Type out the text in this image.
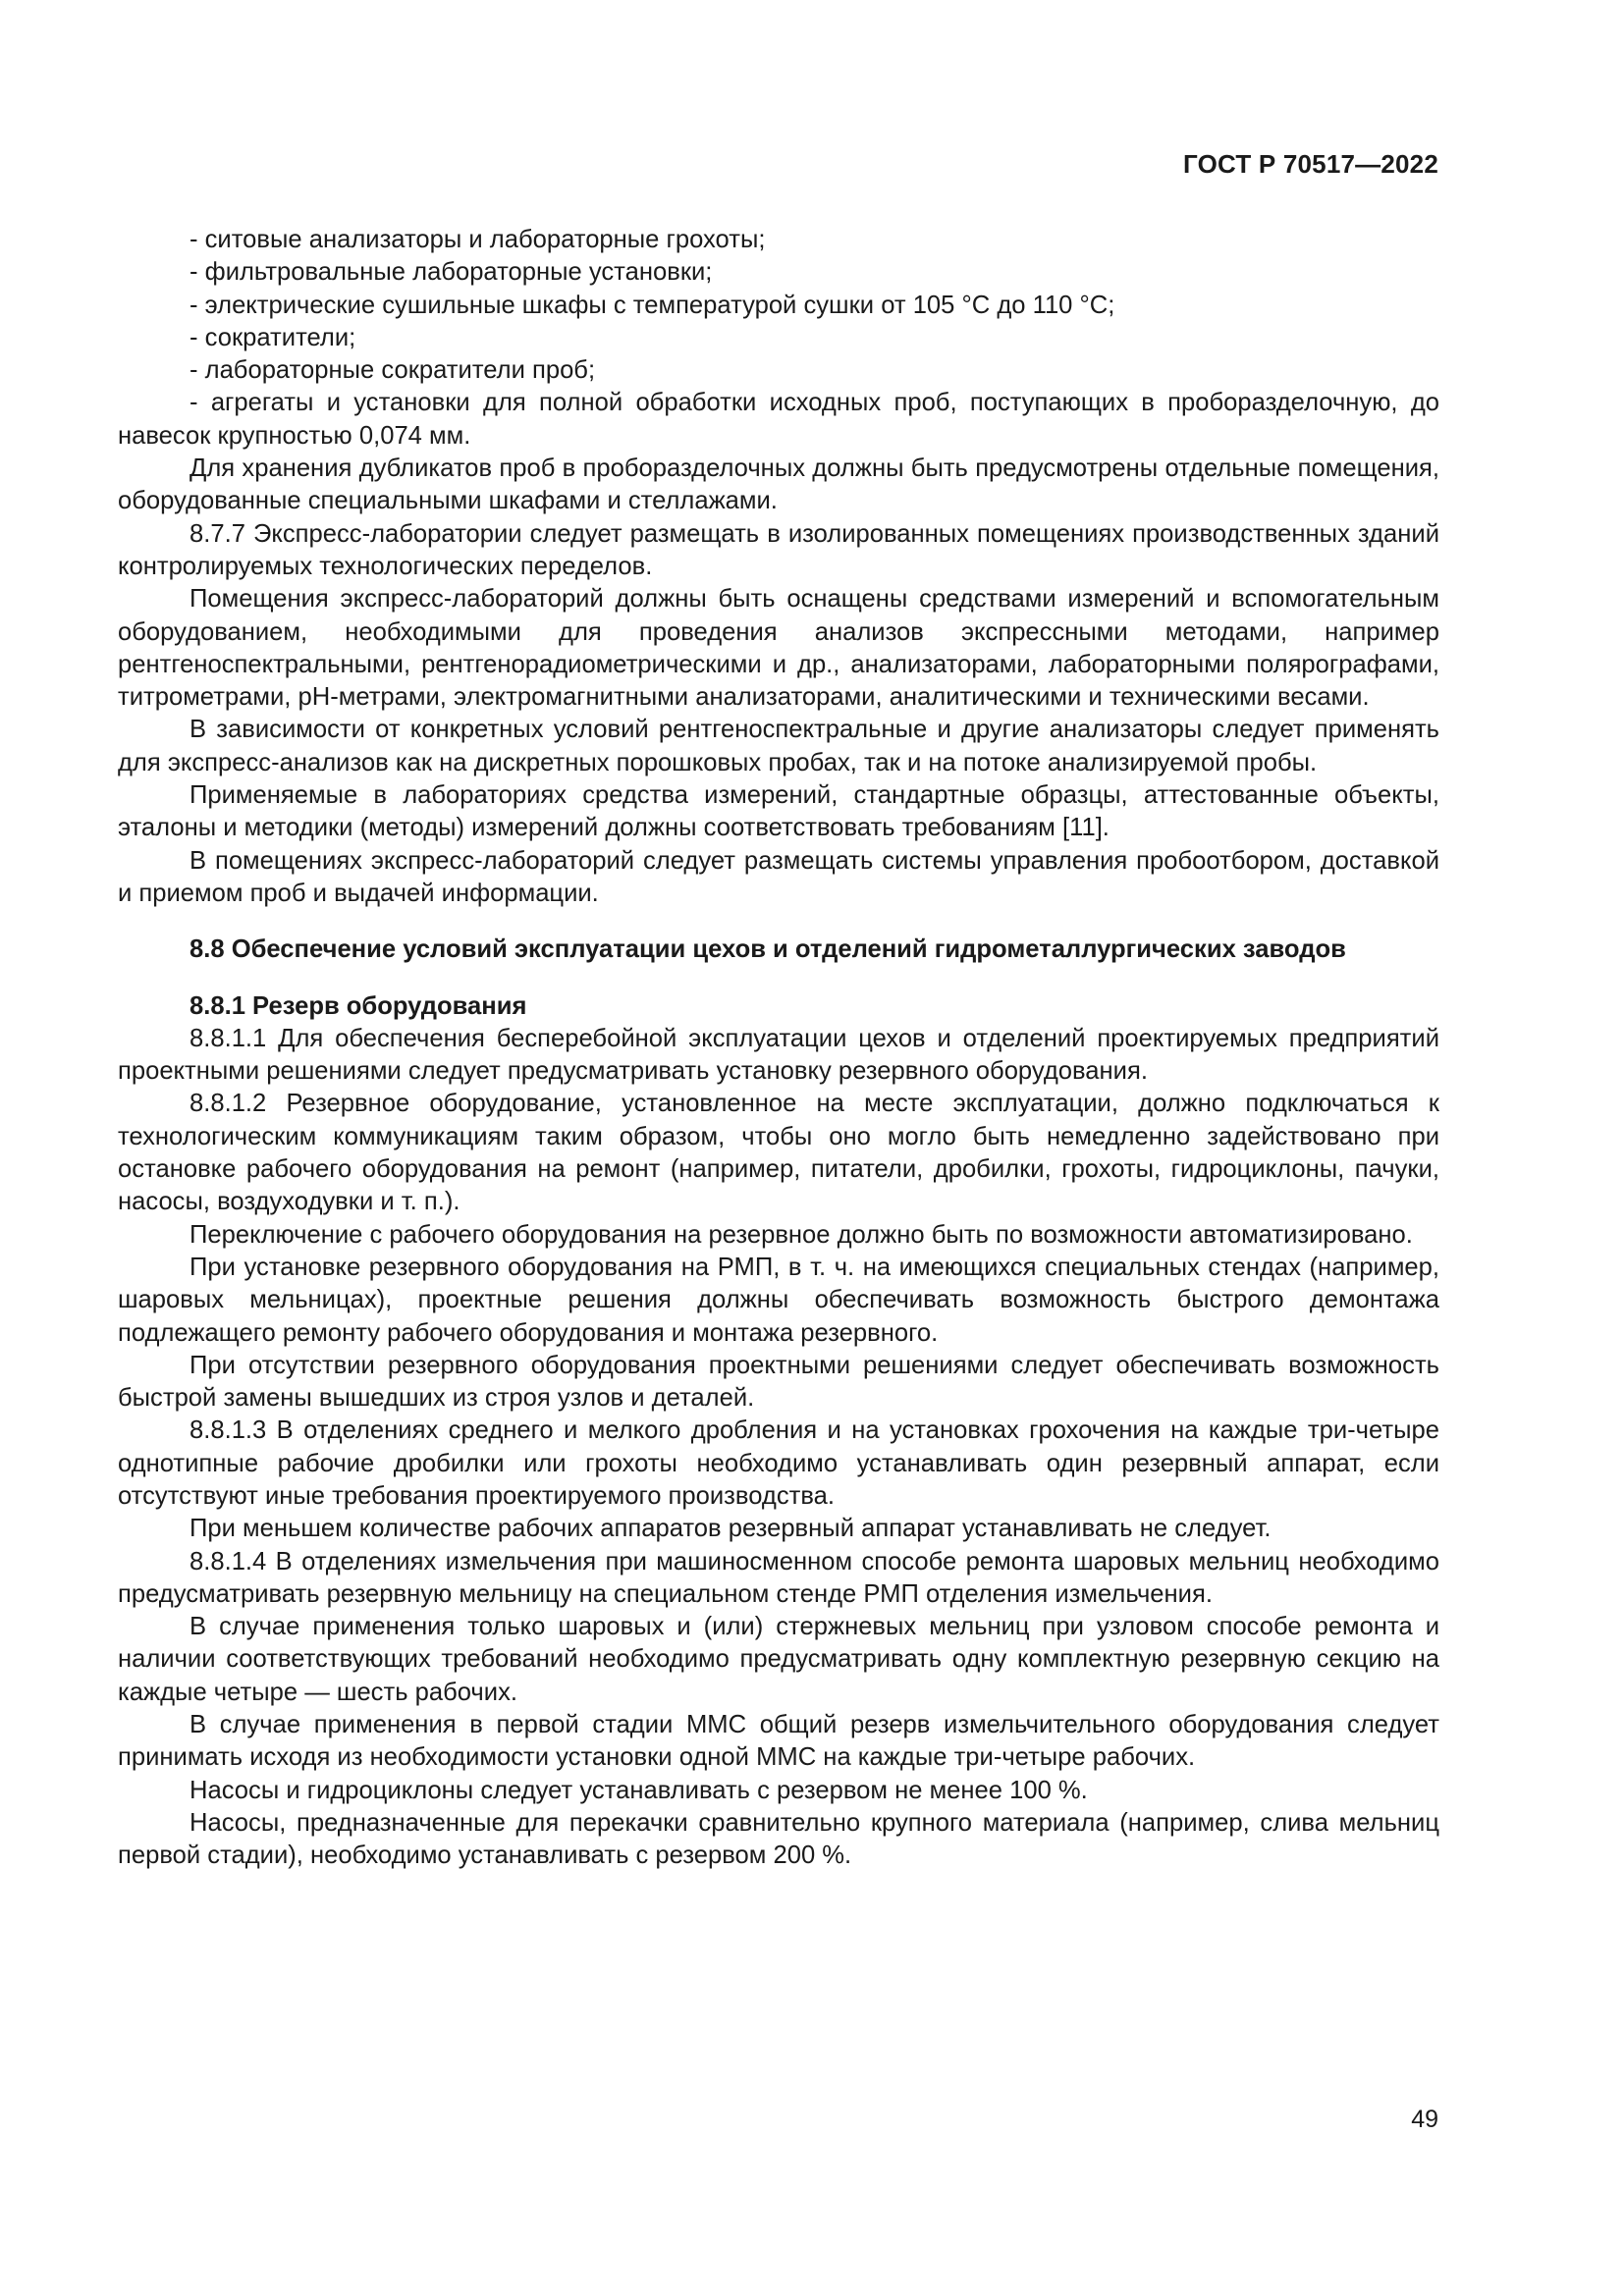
ГОСТ Р 70517—2022

- ситовые анализаторы и лабораторные грохоты;

- фильтровальные лабораторные установки;

- электрические сушильные шкафы с температурой сушки от 105 °С до 110 °С;

- сократители;

- лабораторные сократители проб;

- агрегаты и установки для полной обработки исходных проб, поступающих в проборазделочную, до навесок крупностью 0,074 мм.

Для хранения дубликатов проб в проборазделочных должны быть предусмотрены отдельные помещения, оборудованные специальными шкафами и стеллажами.

8.7.7 Экспресс-лаборатории следует размещать в изолированных помещениях производственных зданий контролируемых технологических переделов.

Помещения экспресс-лабораторий должны быть оснащены средствами измерений и вспомогательным оборудованием, необходимыми для проведения анализов экспрессными методами, например рентгеноспектральными, рентгенорадиометрическими и др., анализаторами, лабораторными полярографами, титрометрами, pH-метрами, электромагнитными анализаторами, аналитическими и техническими весами.

В зависимости от конкретных условий рентгеноспектральные и другие анализаторы следует применять для экспресс-анализов как на дискретных порошковых пробах, так и на потоке анализируемой пробы.

Применяемые в лабораториях средства измерений, стандартные образцы, аттестованные объекты, эталоны и методики (методы) измерений должны соответствовать требованиям [11].

В помещениях экспресс-лабораторий следует размещать системы управления пробоотбором, доставкой и приемом проб и выдачей информации.

8.8 Обеспечение условий эксплуатации цехов и отделений гидрометаллургических заводов
8.8.1 Резерв оборудования

8.8.1.1 Для обеспечения бесперебойной эксплуатации цехов и отделений проектируемых предприятий проектными решениями следует предусматривать установку резервного оборудования.

8.8.1.2 Резервное оборудование, установленное на месте эксплуатации, должно подключаться к технологическим коммуникациям таким образом, чтобы оно могло быть немедленно задействовано при остановке рабочего оборудования на ремонт (например, питатели, дробилки, грохоты, гидроциклоны, пачуки, насосы, воздуходувки и т. п.).

Переключение с рабочего оборудования на резервное должно быть по возможности автоматизировано.

При установке резервного оборудования на РМП, в т. ч. на имеющихся специальных стендах (например, шаровых мельницах), проектные решения должны обеспечивать возможность быстрого демонтажа подлежащего ремонту рабочего оборудования и монтажа резервного.

При отсутствии резервного оборудования проектными решениями следует обеспечивать возможность быстрой замены вышедших из строя узлов и деталей.

8.8.1.3 В отделениях среднего и мелкого дробления и на установках грохочения на каждые три-четыре однотипные рабочие дробилки или грохоты необходимо устанавливать один резервный аппарат, если отсутствуют иные требования проектируемого производства.

При меньшем количестве рабочих аппаратов резервный аппарат устанавливать не следует.

8.8.1.4 В отделениях измельчения при машиносменном способе ремонта шаровых мельниц необходимо предусматривать резервную мельницу на специальном стенде РМП отделения измельчения.

В случае применения только шаровых и (или) стержневых мельниц при узловом способе ремонта и наличии соответствующих требований необходимо предусматривать одну комплектную резервную секцию на каждые четыре — шесть рабочих.

В случае применения в первой стадии ММС общий резерв измельчительного оборудования следует принимать исходя из необходимости установки одной ММС на каждые три-четыре рабочих.

Насосы и гидроциклоны следует устанавливать с резервом не менее 100 %.

Насосы, предназначенные для перекачки сравнительно крупного материала (например, слива мельниц первой стадии), необходимо устанавливать с резервом 200 %.

49
